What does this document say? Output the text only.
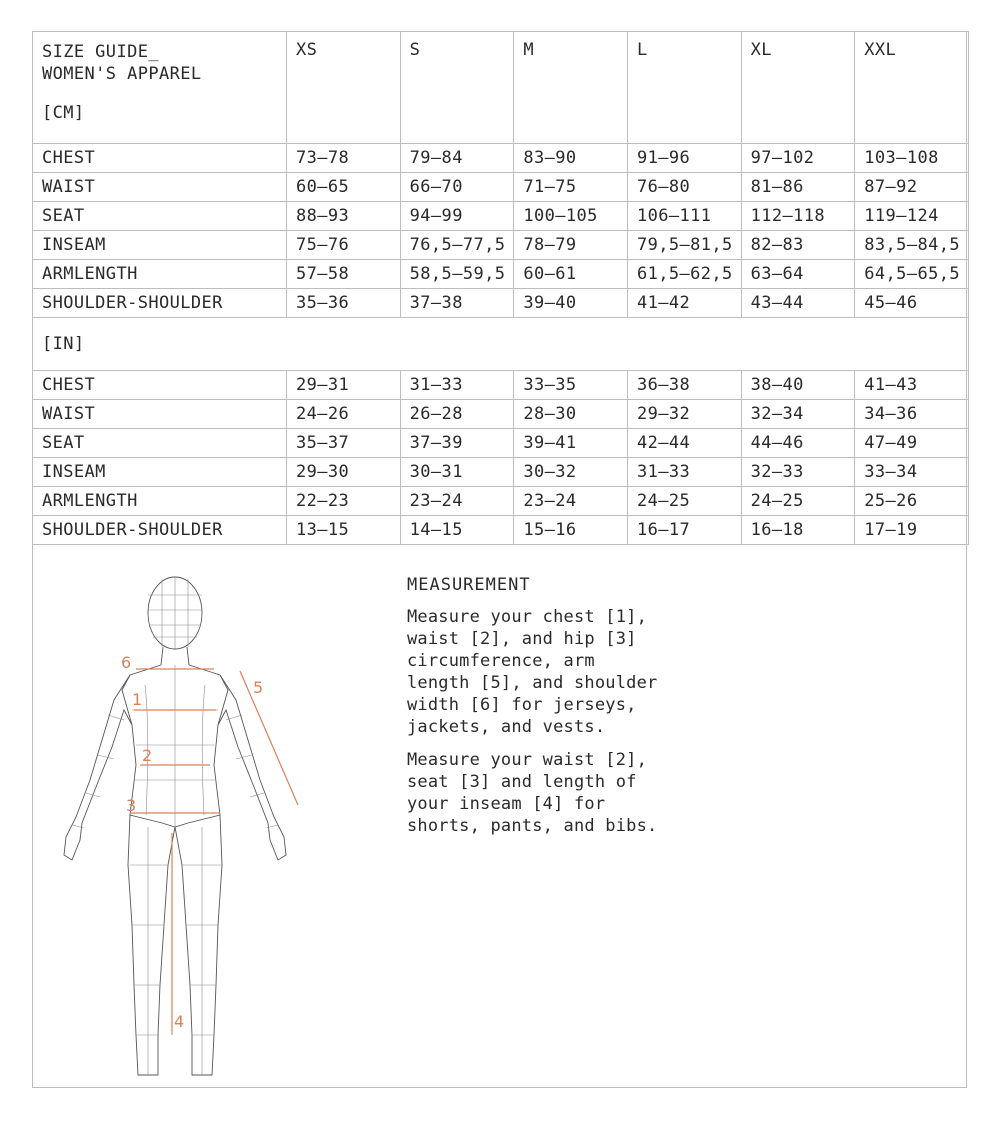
SIZE GUIDE_
WOMEN'S APPAREL
[CM]	XS	S	M	L	XL	XXL
CHEST	73–78	79–84	83–90	91–96	97–102	103–108
WAIST	60–65	66–70	71–75	76–80	81–86	87–92
SEAT	88–93	94–99	100–105	106–111	112–118	119–124
INSEAM	75–76	76,5–77,5	78–79	79,5–81,5	82–83	83,5–84,5
ARMLENGTH	57–58	58,5–59,5	60–61	61,5–62,5	63–64	64,5–65,5
SHOULDER-SHOULDER	35–36	37–38	39–40	41–42	43–44	45–46
[IN]						
CHEST	29–31	31–33	33–35	36–38	38–40	41–43
WAIST	24–26	26–28	28–30	29–32	32–34	34–36
SEAT	35–37	37–39	39–41	42–44	44–46	47–49
INSEAM	29–30	30–31	30–32	31–33	32–33	33–34
ARMLENGTH	22–23	23–24	23–24	24–25	24–25	25–26
SHOULDER-SHOULDER	13–15	14–15	15–16	16–17	16–18	17–19
1
2
3
4
5
6

MEASUREMENT

Measure your chest [1],
waist [2], and hip [3]
circumference, arm
length [5], and shoulder
width [6] for jerseys,
jackets, and vests.

Measure your waist [2],
seat [3] and length of
your inseam [4] for
shorts, pants, and bibs.
